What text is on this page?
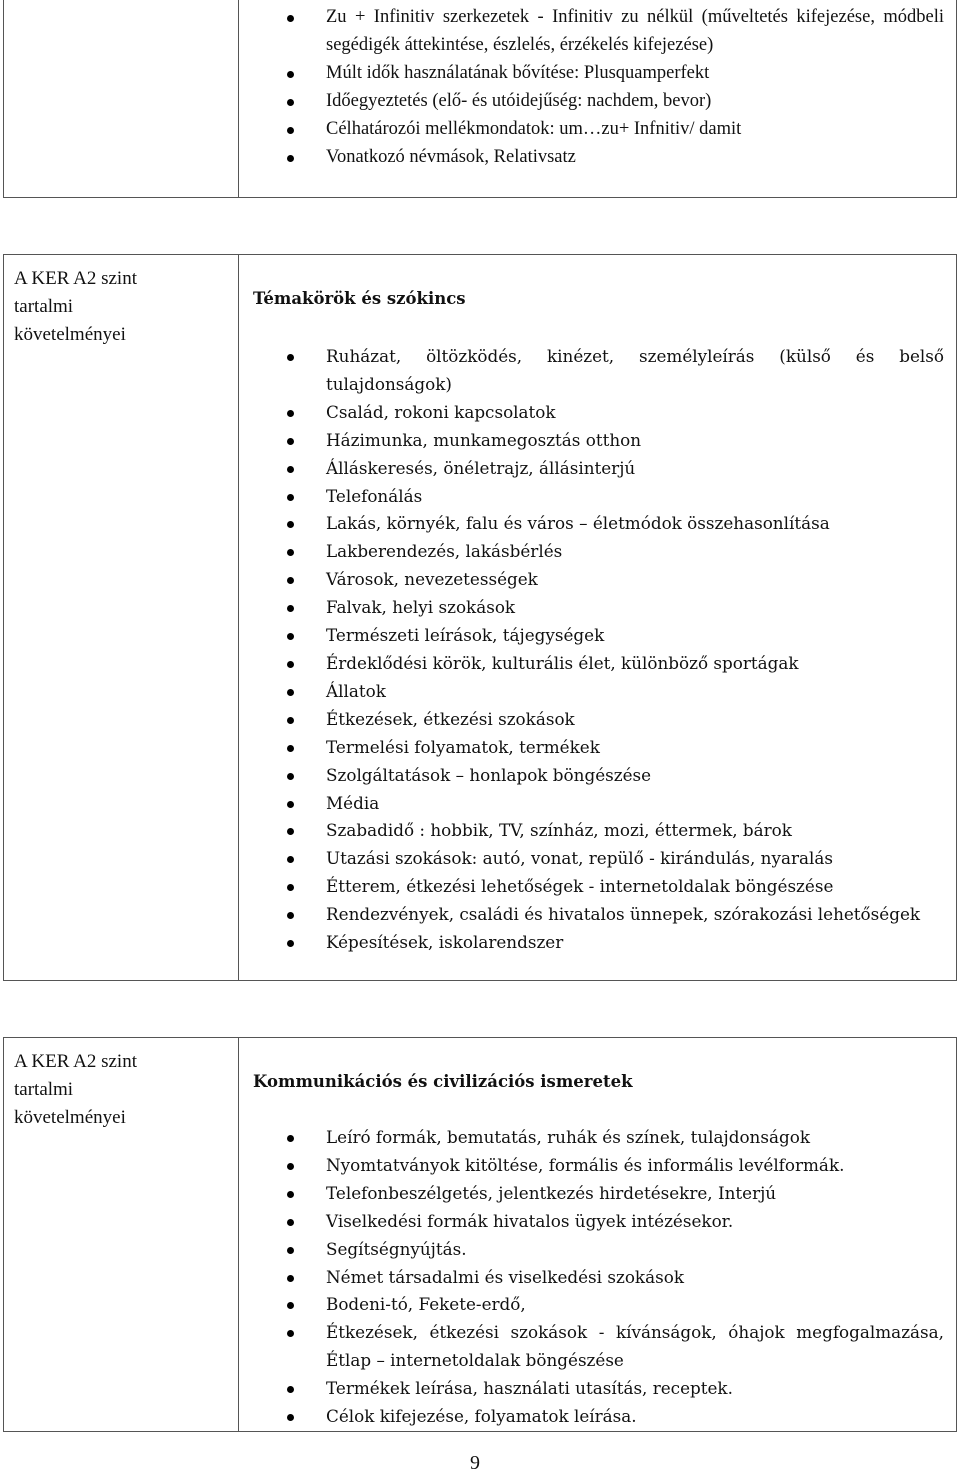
Zu + Infinitiv szerkezetek - Infinitiv zu nélkül (műveltetés kifejezése, módbeli segédigék áttekintése, észlelés, érzékelés kifejezése)
Múlt idők használatának bővítése: Plusquamperfekt
Időegyeztetés (elő- és utóidejűség: nachdem, bevor)
Célhatározói mellékmondatok: um…zu+ Infnitiv/ damit
Vonatkozó névmások, Relativsatz
A KER A2 szint tartalmi követelményei
Témakörök és szókincs
Ruházat, öltözködés, kinézet, személyleírás (külső és belső tulajdonságok)
Család, rokoni kapcsolatok
Házimunka, munkamegosztás otthon
Álláskeresés, önéletrajz, állásinterjú
Telefonálás
Lakás, környék, falu és város – életmódok összehasonlítása
Lakberendezés, lakásbérlés
Városok, nevezetességek
Falvak, helyi szokások
Természeti leírások, tájegységek
Érdeklődési körök, kulturális élet, különböző sportágak
Állatok
Étkezések, étkezési szokások
Termelési folyamatok, termékek
Szolgáltatások – honlapok böngészése
Média
Szabadidő : hobbik, TV, színház, mozi, éttermek, bárok
Utazási szokások: autó, vonat, repülő - kirándulás, nyaralás
Étterem, étkezési lehetőségek - internetoldalak böngészése
Rendezvények, családi és hivatalos ünnepek, szórakozási lehetőségek
Képesítések, iskolarendszer
A KER A2 szint tartalmi követelményei
Kommunikációs és civilizációs ismeretek
Leíró formák, bemutatás, ruhák és színek, tulajdonságok
Nyomtatványok kitöltése, formális és informális levélformák.
Telefonbeszélgetés, jelentkezés hirdetésekre, Interjú
Viselkedési formák hivatalos ügyek intézésekor.
Segítségnyújtás.
Német társadalmi és viselkedési szokások
Bodeni-tó, Fekete-erdő,
Étkezések, étkezési szokások - kívánságok, óhajok megfogalmazása, Étlap – internetoldalak böngészése
Termékek leírása, használati utasítás, receptek.
Célok kifejezése, folyamatok leírása.
9
